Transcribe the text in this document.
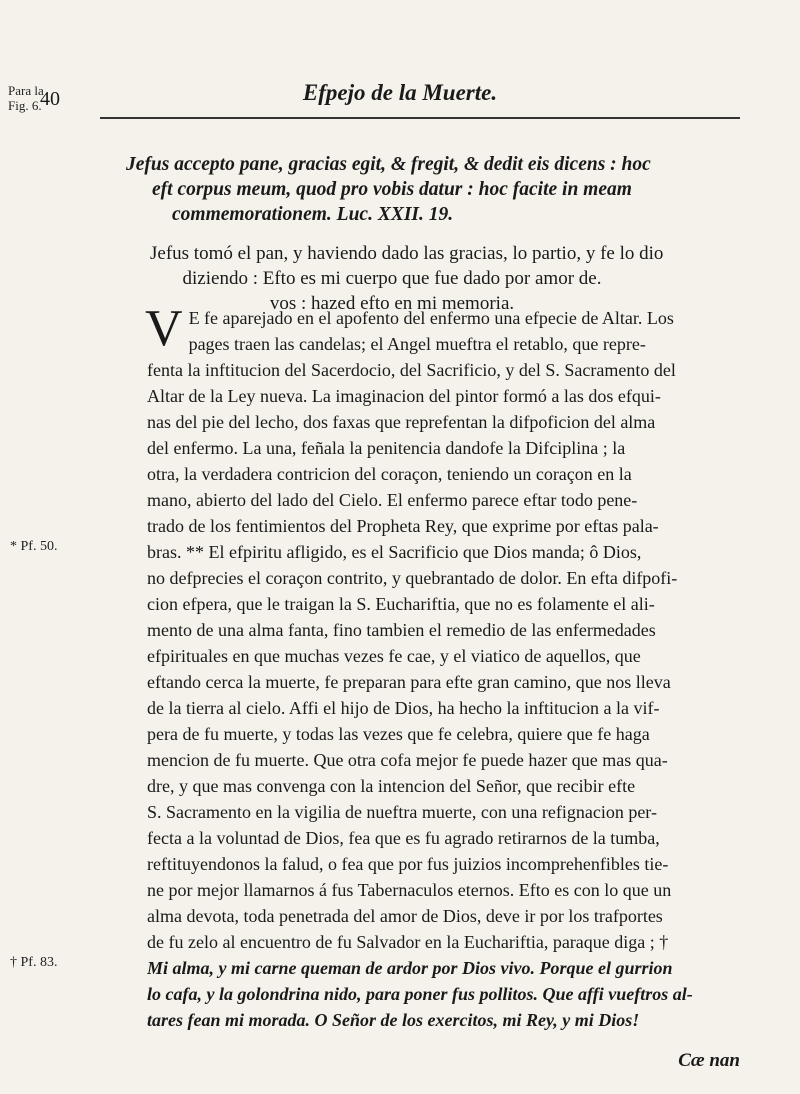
Para la
Fig. 6.
40	Efpejo de la Muerte.
Jefus accepto pane, gracias egit, & fregit, & dedit eis dicens : hoc
eft corpus meum, quod pro vobis datur : hoc facite in meam
commemorationem. Luc. XXII. 19.
Jefus tomó el pan, y haviendo dado las gracias, lo partio, y fe lo dio
diziendo : Efto es mi cuerpo que fue dado por amor de.
vos : hazed efto en mi memoria.
* Pf. 50.
† Pf. 83.
V E fe aparejado en el apofento del enfermo una efpecie de Altar. Los
pages traen las candelas; el Angel mueftra el retablo, que repre-
fenta la inftitucion del Sacerdocio, del Sacrificio, y del S. Sacramento del
Altar de la Ley nueva. La imaginacion del pintor formó a las dos efqui-
nas del pie del lecho, dos faxas que reprefentan la difpoficion del alma
del enfermo. La una, feñala la penitencia dandofe la Difciplina ; la
otra, la verdadera contricion del coraçon, teniendo un coraçon en la
mano, abierto del lado del Cielo. El enfermo parece eftar todo pene-
trado de los fentimientos del Propheta Rey, que exprime por eftas pala-
bras. ** El efpiritu afligido, es el Sacrificio que Dios manda; ô Dios,
no defprecies el coraçon contrito, y quebrantado de dolor. En efta difpofi-
cion efpera, que le traigan la S. Euchariftia, que no es folamente el ali-
mento de una alma fanta, fino tambien el remedio de las enfermedades
efpirituales en que muchas vezes fe cae, y el viatico de aquellos, que
eftando cerca la muerte, fe preparan para efte gran camino, que nos lleva
de la tierra al cielo. Affi el hijo de Dios, ha hecho la inftitucion a la vif-
pera de fu muerte, y todas las vezes que fe celebra, quiere que fe haga
mencion de fu muerte. Que otra cofa mejor fe puede hazer que mas qua-
dre, y que mas convenga con la intencion del Señor, que recibir efte
S. Sacramento en la vigilia de nueftra muerte, con una refignacion per-
fecta a la voluntad de Dios, fea que es fu agrado retirarnos de la tumba,
reftituyendonos la falud, o fea que por fus juizios incomprehenfibles tie-
ne por mejor llamarnos á fus Tabernaculos eternos. Efto es con lo que un
alma devota, toda penetrada del amor de Dios, deve ir por los trafportes
de fu zelo al encuentro de fu Salvador en la Euchariftia, paraque diga ; †
Mi alma, y mi carne queman de ardor por Dios vivo. Porque el gurrion
lo cafa, y la golondrina nido, para poner fus pollitos. Que affi vueftros al-
tares fean mi morada. O Señor de los exercitos, mi Rey, y mi Dios!
Cæ nan
